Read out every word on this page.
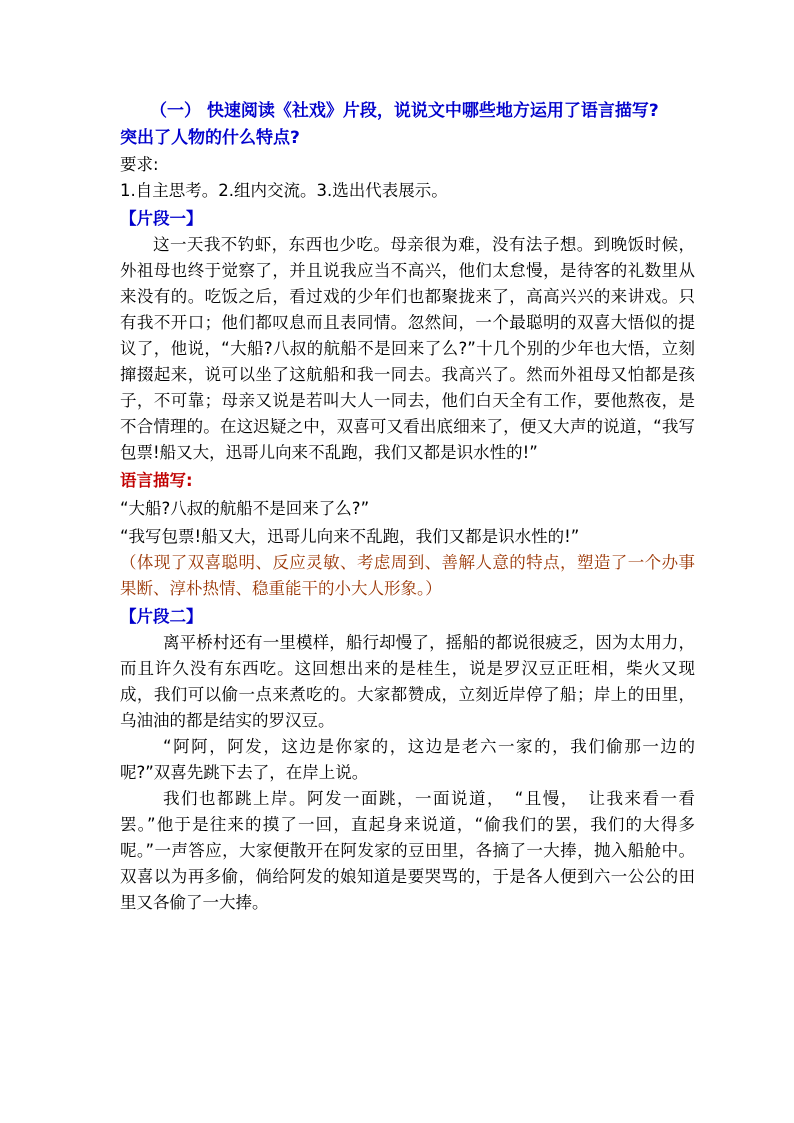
（一） 快速阅读《社戏》片段，说说文中哪些地方运用了语言描写?
突出了人物的什么特点?

要求:

1.自主思考。2.组内交流。3.选出代表展示。

【片段一】

这一天我不钓虾，东西也少吃。母亲很为难，没有法子想。到晚饭时候，外祖母也终于觉察了，并且说我应当不高兴，他们太怠慢，是待客的礼数里从来没有的。吃饭之后，看过戏的少年们也都聚拢来了，高高兴兴的来讲戏。只有我不开口；他们都叹息而且表同情。忽然间，一个最聪明的双喜大悟似的提议了，他说，“大船?八叔的航船不是回来了么?”十几个别的少年也大悟，立刻撺掇起来，说可以坐了这航船和我一同去。我高兴了。然而外祖母又怕都是孩子，不可靠；母亲又说是若叫大人一同去，他们白天全有工作，要他熬夜，是不合情理的。在这迟疑之中，双喜可又看出底细来了，便又大声的说道，“我写包票!船又大，迅哥儿向来不乱跑，我们又都是识水性的!”

语言描写:

“大船?八叔的航船不是回来了么?”

“我写包票!船又大，迅哥儿向来不乱跑，我们又都是识水性的!”

（体现了双喜聪明、反应灵敏、考虑周到、善解人意的特点，塑造了一个办事果断、淳朴热情、稳重能干的小大人形象。）

【片段二】

离平桥村还有一里模样，船行却慢了，摇船的都说很疲乏，因为太用力，而且许久没有东西吃。这回想出来的是桂生，说是罗汉豆正旺相，柴火又现成，我们可以偷一点来煮吃的。大家都赞成，立刻近岸停了船；岸上的田里，乌油油的都是结实的罗汉豆。

“阿阿，阿发，这边是你家的，这边是老六一家的，我们偷那一边的呢?”双喜先跳下去了，在岸上说。

我们也都跳上岸。阿发一面跳，一面说道，　“且慢，　让我来看一看罢。”他于是往来的摸了一回，直起身来说道，“偷我们的罢，我们的大得多呢。”一声答应，大家便散开在阿发家的豆田里，各摘了一大捧，抛入船舱中。双喜以为再多偷，倘给阿发的娘知道是要哭骂的，于是各人便到六一公公的田里又各偷了一大捧。
